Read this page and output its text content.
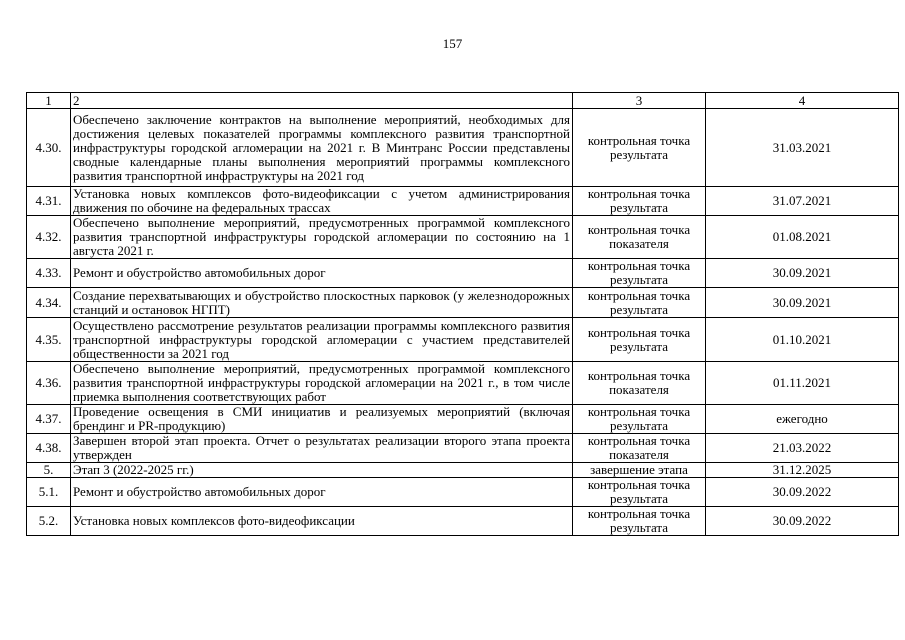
157
1	2	3	4
4.30.	Обеспечено заключение контрактов на выполнение мероприятий, необходимых для достижения целевых показателей программы комплексного развития транспортной инфраструктуры городской агломерации на 2021 г. В Минтранс России представлены сводные календарные планы выполнения мероприятий программы комплексного развития транспортной инфраструктуры на 2021 год	контрольная точка результата	31.03.2021
4.31.	Установка новых комплексов фото-видеофиксации с учетом администрирования движения по обочине на федеральных трассах	контрольная точка результата	31.07.2021
4.32.	Обеспечено выполнение мероприятий, предусмотренных программой комплексного развития транспортной инфраструктуры городской агломерации по состоянию на 1 августа 2021 г.	контрольная точка показателя	01.08.2021
4.33.	Ремонт и обустройство автомобильных дорог	контрольная точка результата	30.09.2021
4.34.	Создание перехватывающих и обустройство плоскостных парковок (у железнодорожных станций и остановок НГПТ)	контрольная точка результата	30.09.2021
4.35.	Осуществлено рассмотрение результатов реализации программы комплексного развития транспортной инфраструктуры городской агломерации с участием представителей общественности за 2021 год	контрольная точка результата	01.10.2021
4.36.	Обеспечено выполнение мероприятий, предусмотренных программой комплексного развития транспортной инфраструктуры городской агломерации на 2021 г., в том числе приемка выполнения соответствующих работ	контрольная точка показателя	01.11.2021
4.37.	Проведение освещения в СМИ инициатив и реализуемых мероприятий (включая брендинг и PR-продукцию)	контрольная точка результата	ежегодно
4.38.	Завершен второй этап проекта. Отчет о результатах реализации второго этапа проекта утвержден	контрольная точка показателя	21.03.2022
5.	Этап 3 (2022-2025 гг.)	завершение этапа	31.12.2025
5.1.	Ремонт и обустройство автомобильных дорог	контрольная точка результата	30.09.2022
5.2.	Установка новых комплексов фото-видеофиксации	контрольная точка результата	30.09.2022
